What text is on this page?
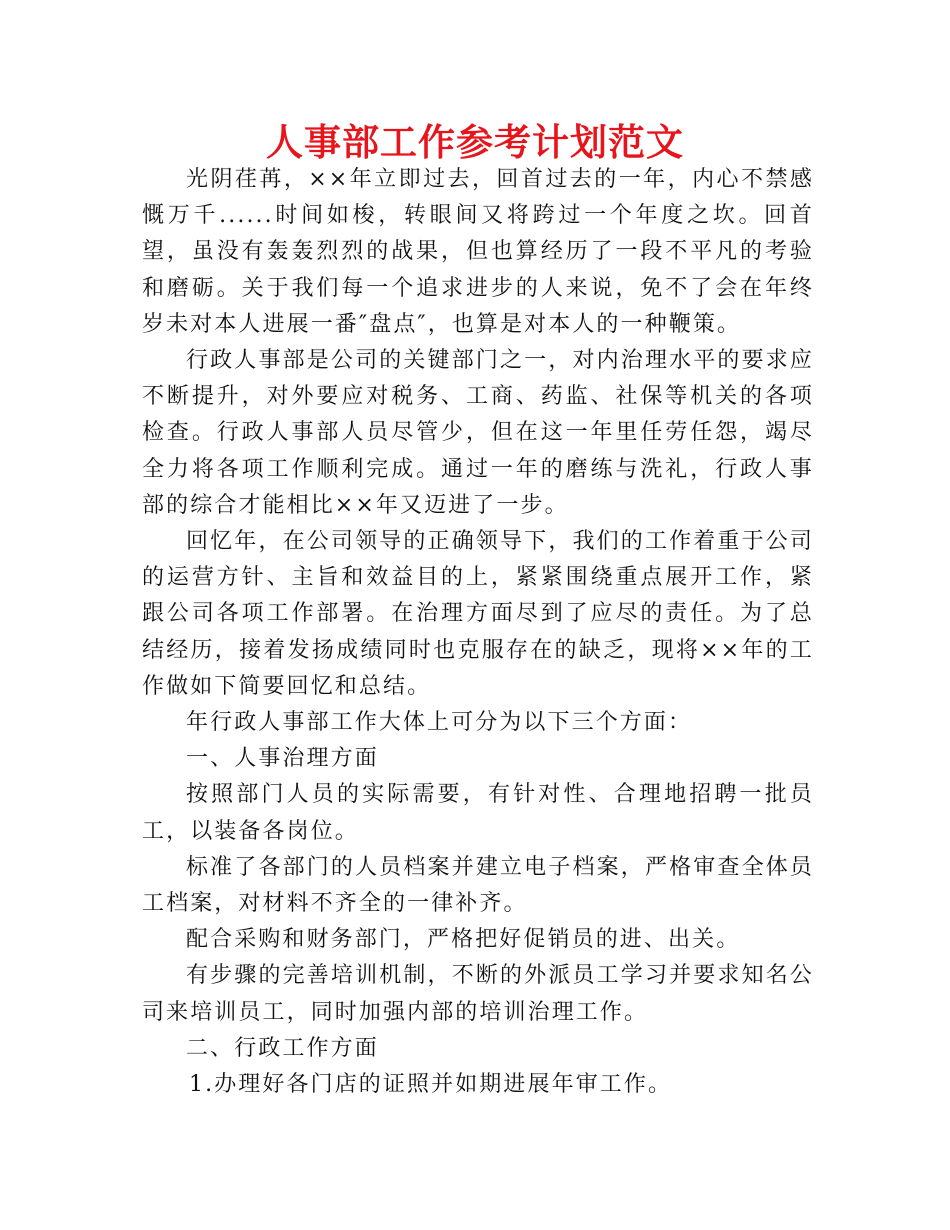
人事部工作参考计划范文

光阴荏苒，××年立即过去，回首过去的一年，内心不禁感慨万千......时间如梭，转眼间又将跨过一个年度之坎。回首望，虽没有轰轰烈烈的战果，但也算经历了一段不平凡的考验和磨砺。关于我们每一个追求进步的人来说，免不了会在年终岁未对本人进展一番″盘点″，也算是对本人的一种鞭策。

行政人事部是公司的关键部门之一，对内治理水平的要求应不断提升，对外要应对税务、工商、药监、社保等机关的各项检查。行政人事部人员尽管少，但在这一年里任劳任怨，竭尽全力将各项工作顺利完成。通过一年的磨练与洗礼，行政人事部的综合才能相比××年又迈进了一步。

回忆年，在公司领导的正确领导下，我们的工作着重于公司的运营方针、主旨和效益目的上，紧紧围绕重点展开工作，紧跟公司各项工作部署。在治理方面尽到了应尽的责任。为了总结经历，接着发扬成绩同时也克服存在的缺乏，现将××年的工作做如下简要回忆和总结。

年行政人事部工作大体上可分为以下三个方面：

一、人事治理方面

按照部门人员的实际需要，有针对性、合理地招聘一批员工，以装备各岗位。

标准了各部门的人员档案并建立电子档案，严格审查全体员工档案，对材料不齐全的一律补齐。

配合采购和财务部门，严格把好促销员的进、出关。

有步骤的完善培训机制，不断的外派员工学习并要求知名公司来培训员工，同时加强内部的培训治理工作。

二、行政工作方面

1.办理好各门店的证照并如期进展年审工作。
